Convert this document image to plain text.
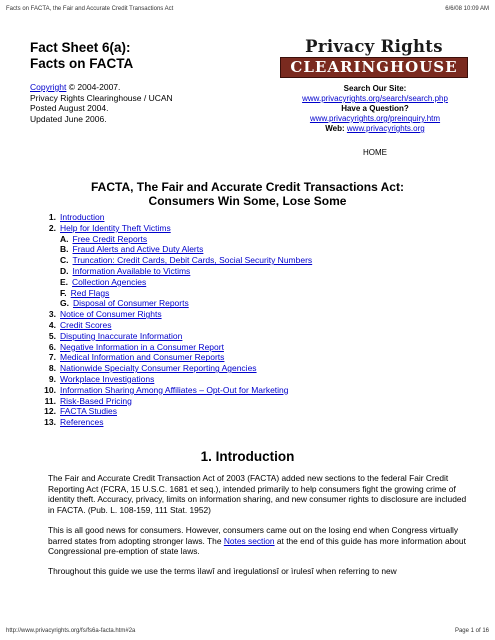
Facts on FACTA, the Fair and Accurate Credit Transactions Act	6/6/08 10:09 AM
Fact Sheet 6(a):
Facts on FACTA
Copyright © 2004-2007.
Privacy Rights Clearinghouse / UCAN
Posted August 2004.
Updated June 2006.
Privacy Rights
CLEARINGHOUSE
Search Our Site:
www.privacyrights.org/search/search.php
Have a Question?
www.privacyrights.org/preinquiry.htm
Web: www.privacyrights.org
HOME
FACTA, The Fair and Accurate Credit Transactions Act:
Consumers Win Some, Lose Some
1. Introduction
2. Help for Identity Theft Victims
A. Free Credit Reports
B. Fraud Alerts and Active Duty Alerts
C. Truncation: Credit Cards, Debit Cards, Social Security Numbers
D. Information Available to Victims
E. Collection Agencies
F. Red Flags
G. Disposal of Consumer Reports
3. Notice of Consumer Rights
4. Credit Scores
5. Disputing Inaccurate Information
6. Negative Information in a Consumer Report
7. Medical Information and Consumer Reports
8. Nationwide Specialty Consumer Reporting Agencies
9. Workplace Investigations
10. Information Sharing Among Affiliates – Opt-Out for Marketing
11. Risk-Based Pricing
12. FACTA Studies
13. References
1. Introduction

The Fair and Accurate Credit Transaction Act of 2003 (FACTA) added new sections to the federal Fair Credit Reporting Act (FCRA, 15 U.S.C. 1681 et seq.), intended primarily to help consumers fight the growing crime of identity theft. Accuracy, privacy, limits on information sharing, and new consumer rights to disclosure are included in FACTA. (Pub. L. 108-159, 111 Stat. 1952)

This is all good news for consumers. However, consumers came out on the losing end when Congress virtually barred states from adopting stronger laws. The Notes section at the end of this guide has more information about Congressional pre-emption of state laws.

Throughout this guide we use the terms ìlawî and ìregulationsî or ìrulesî when referring to new

http://www.privacyrights.org/fs/fs6a-facta.htm#2a	Page 1 of 16
